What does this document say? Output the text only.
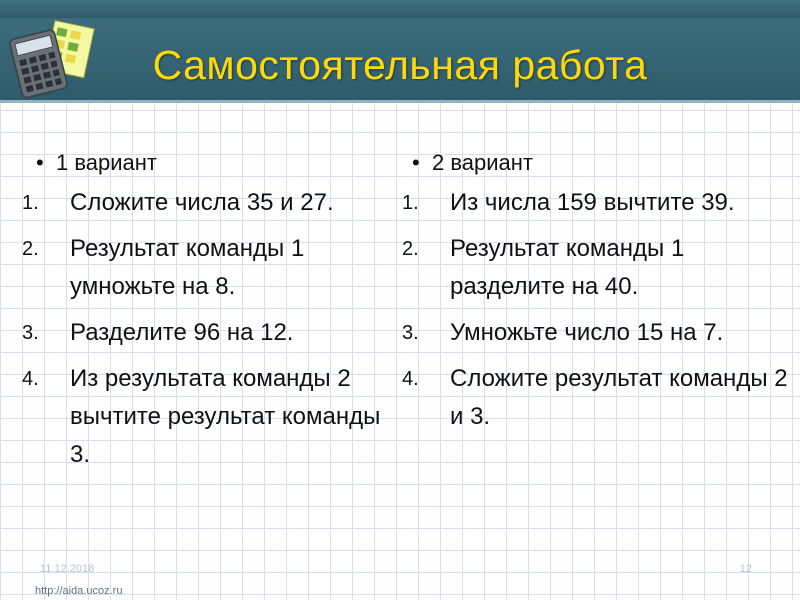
Самостоятельная работа
• 1 вариант
1.	Сложите числа 35 и 27.
2.	Результат команды 1 умножьте на 8.
3.	Разделите 96 на 12.
4.	Из результата команды 2 вычтите результат команды 3.
• 2 вариант
1.	Из числа 159 вычтите 39.
2.	Результат команды 1 разделите на 40.
3.	Умножьте число 15 на 7.
4.	Сложите результат команды 2 и 3.
11.12.2018	12
http://aida.ucoz.ru
